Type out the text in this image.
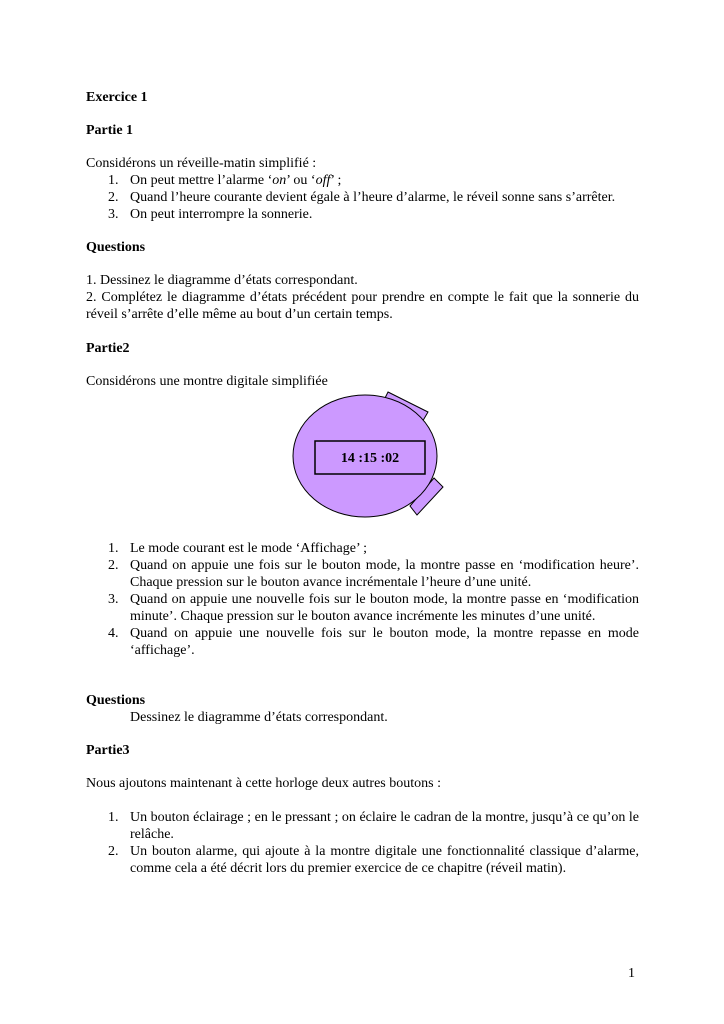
Exercice 1
Partie 1
Considérons un réveille-matin simplifié :
1. On peut mettre l’alarme ‘on’ ou ‘off’ ;
2. Quand l’heure courante devient égale à l’heure d’alarme, le réveil sonne sans s’arrêter.
3. On peut interrompre la sonnerie.
Questions
1. Dessinez le diagramme d’états correspondant.
2. Complétez le diagramme d’états précédent pour prendre en compte le fait que la sonnerie du réveil s’arrête d’elle même au bout d’un certain temps.
Partie2
Considérons une montre digitale simplifiée
14 :15 :02
1. Le mode courant est le mode ‘Affichage’ ;
2. Quand on appuie une fois sur le bouton mode, la montre passe en ‘modification heure’. Chaque pression sur le bouton avance incrémentale l’heure d’une unité.
3. Quand on appuie une nouvelle fois sur le bouton mode, la montre passe en ‘modification minute’. Chaque pression sur le bouton avance incrémente les minutes d’une unité.
4. Quand on appuie une nouvelle fois sur le bouton mode, la montre repasse en mode ‘affichage’.
Questions
Dessinez le diagramme d’états correspondant.
Partie3
Nous ajoutons maintenant à cette horloge deux autres boutons :
1. Un bouton éclairage ; en le pressant ; on éclaire le cadran de la montre, jusqu’à ce qu’on le relâche.
2. Un bouton alarme, qui ajoute à la montre digitale une fonctionnalité classique d’alarme, comme cela a été décrit lors du premier exercice de ce chapitre (réveil matin).
1
